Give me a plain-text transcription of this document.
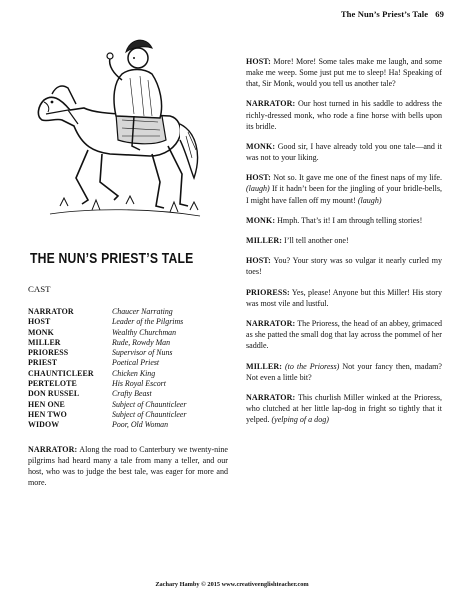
The Nun’s Priest’s Tale 69
THE NUN’S PRIEST’S TALE
CAST
NARRATOR	Chaucer Narrating
HOST	Leader of the Pilgrims
MONK	Wealthy Churchman
MILLER	Rude, Rowdy Man
PRIORESS	Supervisor of Nuns
PRIEST	Poetical Priest
CHAUNTICLEER	Chicken King
PERTELOTE	His Royal Escort
DON RUSSEL	Crafty Beast
HEN ONE	Subject of Chaunticleer
HEN TWO	Subject of Chaunticleer
WIDOW	Poor, Old Woman

NARRATOR: Along the road to Canterbury we twenty-nine pilgrims had heard many a tale from many a teller, and our host, who was to judge the best tale, was eager for more and more.

HOST: More! More! Some tales make me laugh, and some make me weep. Some just put me to sleep! Ha! Speaking of that, Sir Monk, would you tell us another tale?

NARRATOR: Our host turned in his saddle to address the richly-dressed monk, who rode a fine horse with bells upon its bridle.

MONK: Good sir, I have already told you one tale—and it was not to your liking.

HOST: Not so. It gave me one of the finest naps of my life. (laugh) If it hadn’t been for the jingling of your bridle-bells, I might have fallen off my mount! (laugh)

MONK: Hmph. That’s it! I am through telling stories!

MILLER: I’ll tell another one!

HOST: You? Your story was so vulgar it nearly curled my toes!

PRIORESS: Yes, please! Anyone but this Miller! His story was most vile and lustful.

NARRATOR: The Prioress, the head of an abbey, grimaced as she patted the small dog that lay across the pommel of her saddle.

MILLER: (to the Prioress) Not your fancy then, madam? Not even a little bit?

NARRATOR: This churlish Miller winked at the Prioress, who clutched at her little lap-dog in fright so tightly that it yelped. (yelping of a dog)

Zachary Hamby © 2015 www.creativeenglishteacher.com
